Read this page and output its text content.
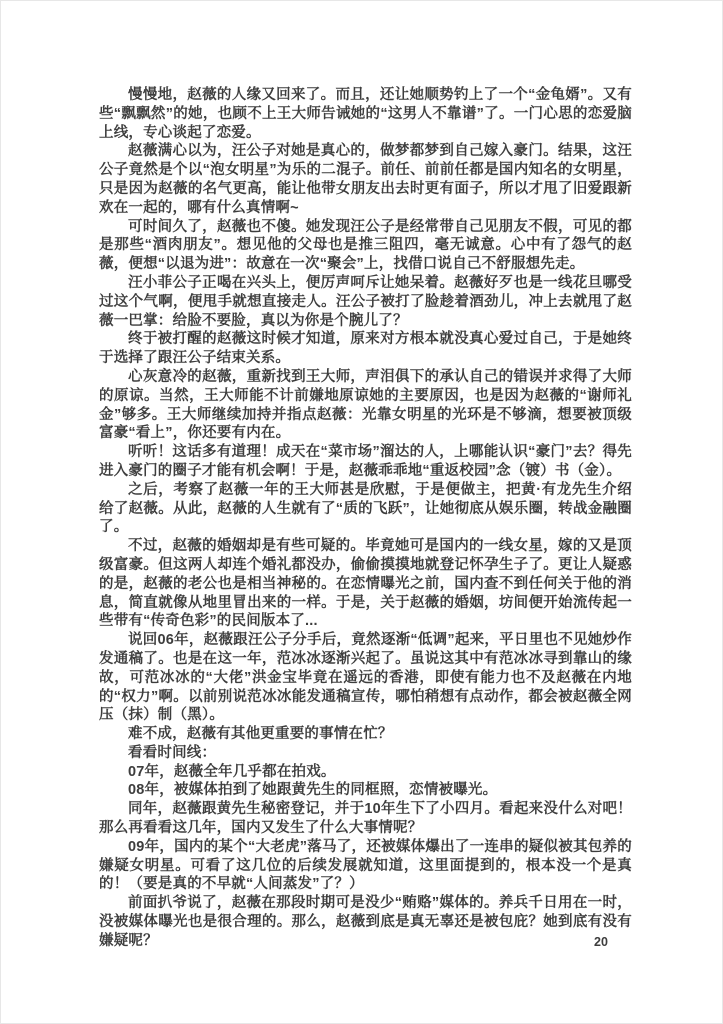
慢慢地，赵薇的人缘又回来了。而且，还让她顺势钓上了一个“金龟婿”。又有些“飘飘然”的她，也顾不上王大师告诫她的“这男人不靠谱”了。一门心思的恋爱脑上线，专心谈起了恋爱。

赵薇满心以为，汪公子对她是真心的，做梦都梦到自己嫁入豪门。结果，这汪公子竟然是个以“泡女明星”为乐的二混子。前任、前前任都是国内知名的女明星，只是因为赵薇的名气更高，能让他带女朋友出去时更有面子，所以才甩了旧爱跟新欢在一起的，哪有什么真情啊~

可时间久了，赵薇也不傻。她发现汪公子是经常带自己见朋友不假，可见的都是那些“酒肉朋友”。想见他的父母也是推三阻四，毫无诚意。心中有了怨气的赵薇，便想“以退为进”：故意在一次“聚会”上，找借口说自己不舒服想先走。

汪小菲公子正喝在兴头上，便厉声呵斥让她呆着。赵薇好歹也是一线花旦哪受过这个气啊，便甩手就想直接走人。汪公子被打了脸趁着酒劲儿，冲上去就甩了赵薇一巴掌：给脸不要脸，真以为你是个腕儿了？

终于被打醒的赵薇这时候才知道，原来对方根本就没真心爱过自己，于是她终于选择了跟汪公子结束关系。

心灰意冷的赵薇，重新找到王大师，声泪俱下的承认自己的错误并求得了大师的原谅。当然，王大师能不计前嫌地原谅她的主要原因，也是因为赵薇的“谢师礼金”够多。王大师继续加持并指点赵薇：光靠女明星的光环是不够滴，想要被顶级富豪“看上”，你还要有内在。

听听！这话多有道理！成天在“菜市场”溜达的人，上哪能认识“豪门”去？得先进入豪门的圈子才能有机会啊！于是，赵薇乖乖地“重返校园”念（镀）书（金）。

之后，考察了赵薇一年的王大师甚是欣慰，于是便做主，把黄·有龙先生介绍给了赵薇。从此，赵薇的人生就有了“质的飞跃”，让她彻底从娱乐圈，转战金融圈了。

不过，赵薇的婚姻却是有些可疑的。毕竟她可是国内的一线女星，嫁的又是顶级富豪。但这两人却连个婚礼都没办，偷偷摸摸地就登记怀孕生子了。更让人疑惑的是，赵薇的老公也是相当神秘的。在恋情曝光之前，国内查不到任何关于他的消息，简直就像从地里冒出来的一样。于是，关于赵薇的婚姻，坊间便开始流传起一些带有“传奇色彩”的民间版本了...

说回06年，赵薇跟汪公子分手后，竟然逐渐“低调”起来，平日里也不见她炒作发通稿了。也是在这一年，范冰冰逐渐兴起了。虽说这其中有范冰冰寻到靠山的缘故，可范冰冰的“大佬”洪金宝毕竟在遥远的香港，即使有能力也不及赵薇在内地的“权力”啊。以前别说范冰冰能发通稿宣传，哪怕稍想有点动作，都会被赵薇全网压（抹）制（黑）。

难不成，赵薇有其他更重要的事情在忙？

看看时间线：

07年，赵薇全年几乎都在拍戏。

08年，被媒体拍到了她跟黄先生的同框照，恋情被曝光。

同年，赵薇跟黄先生秘密登记，并于10年生下了小四月。看起来没什么对吧！那么再看看这几年，国内又发生了什么大事情呢？

09年，国内的某个“大老虎”落马了，还被媒体爆出了一连串的疑似被其包养的嫌疑女明星。可看了这几位的后续发展就知道，这里面提到的，根本没一个是真的！（要是真的不早就“人间蒸发”了？）

前面扒爷说了，赵薇在那段时期可是没少“贿赂”媒体的。养兵千日用在一时，没被媒体曝光也是很合理的。那么，赵薇到底是真无辜还是被包庇？她到底有没有嫌疑呢？	20
